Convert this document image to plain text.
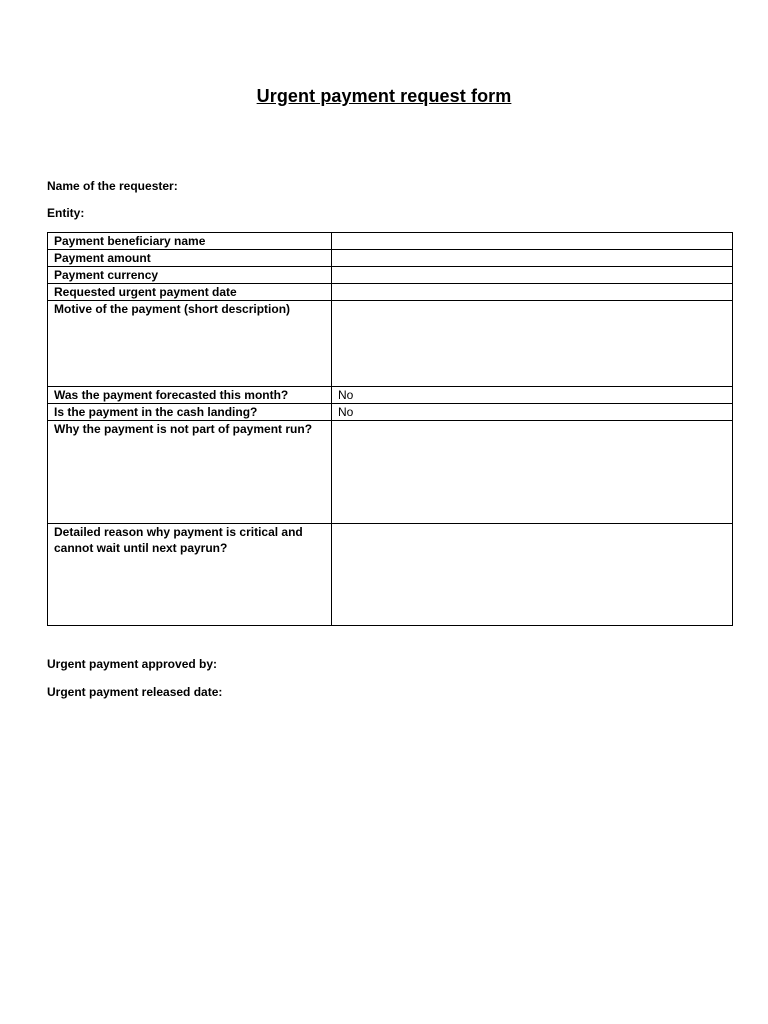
Urgent payment request form
Name of the requester:
Entity:
Payment beneficiary name	
Payment amount	
Payment currency	
Requested urgent payment date	
Motive of the payment (short description)	
Was the payment forecasted this month?	No
Is the payment in the cash landing?	No
Why the payment is not part of payment run?	
Detailed reason why payment is critical and cannot wait until next payrun?	
Urgent payment approved by:
Urgent payment released date:
